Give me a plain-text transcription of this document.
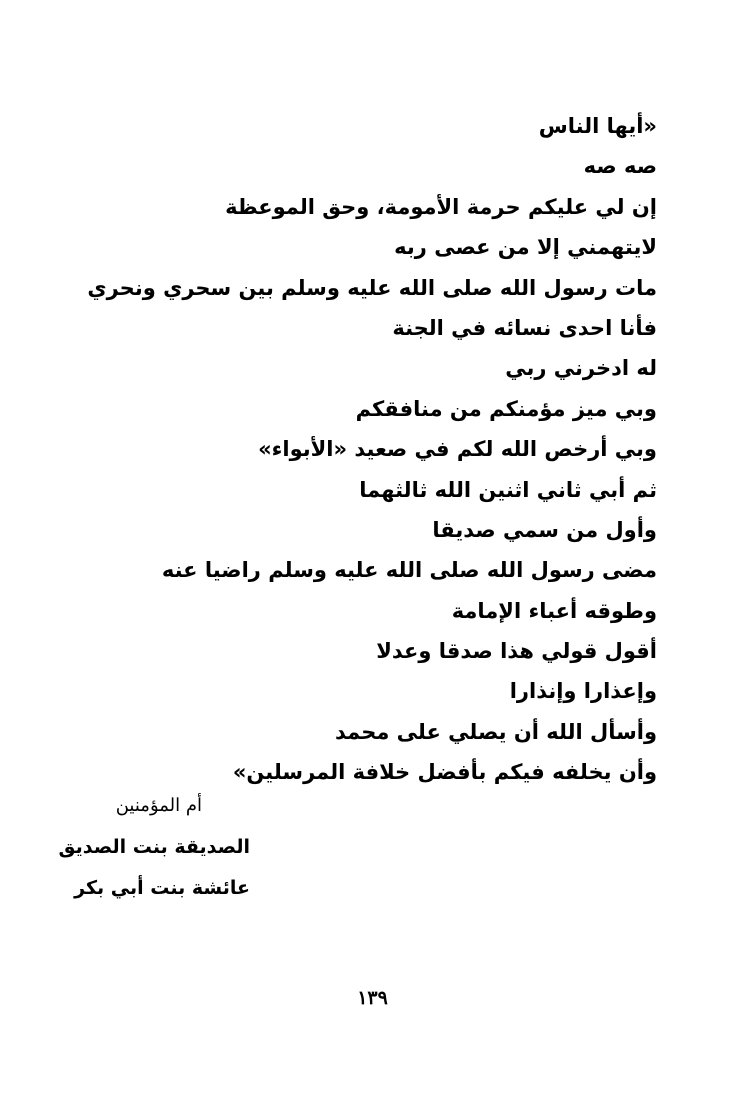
«أيها الناس
صه صه
إن لي عليكم حرمة الأمومة، وحق الموعظة
لايتهمني إلا من عصى ربه
مات رسول الله صلى الله عليه وسلم بين سحري ونحري
فأنا احدى نسائه في الجنة
له ادخرني ربي
وبي ميز مؤمنكم من منافقكم
وبي أرخص الله لكم في صعيد «الأبواء»
ثم أبي ثاني اثنين الله ثالثهما
وأول من سمي صديقا
مضى رسول الله صلى الله عليه وسلم راضيا عنه
وطوقه أعباء الإمامة
أقول قولي هذا صدقا وعدلا
وإعذارا وإنذارا
وأسأل الله أن يصلي على محمد
وأن يخلفه فيكم بأفضل خلافة المرسلين»
أم المؤمنين
الصديقة بنت الصديق
عائشة بنت أبي بكر
١٣٩
